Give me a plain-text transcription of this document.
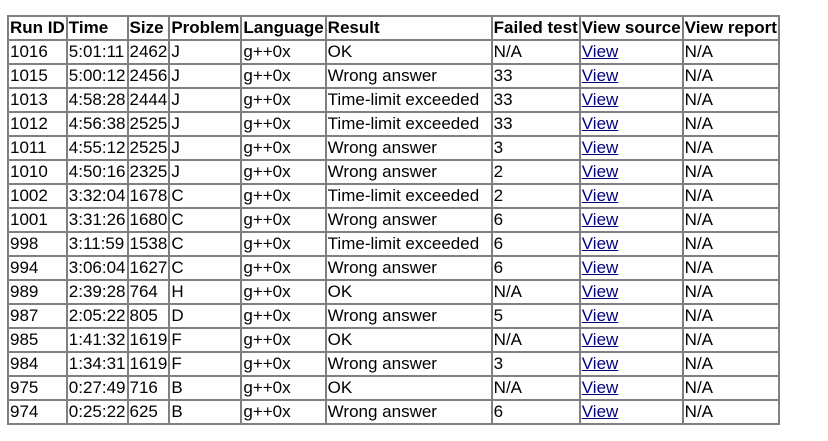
Run ID	Time	Size	Problem	Language	Result	Failed test	View source	View report
1016	5:01:11	2462	J	g++0x	OK	N/A	View	N/A
1015	5:00:12	2456	J	g++0x	Wrong answer	33	View	N/A
1013	4:58:28	2444	J	g++0x	Time-limit exceeded	33	View	N/A
1012	4:56:38	2525	J	g++0x	Time-limit exceeded	33	View	N/A
1011	4:55:12	2525	J	g++0x	Wrong answer	3	View	N/A
1010	4:50:16	2325	J	g++0x	Wrong answer	2	View	N/A
1002	3:32:04	1678	C	g++0x	Time-limit exceeded	2	View	N/A
1001	3:31:26	1680	C	g++0x	Wrong answer	6	View	N/A
998	3:11:59	1538	C	g++0x	Time-limit exceeded	6	View	N/A
994	3:06:04	1627	C	g++0x	Wrong answer	6	View	N/A
989	2:39:28	764	H	g++0x	OK	N/A	View	N/A
987	2:05:22	805	D	g++0x	Wrong answer	5	View	N/A
985	1:41:32	1619	F	g++0x	OK	N/A	View	N/A
984	1:34:31	1619	F	g++0x	Wrong answer	3	View	N/A
975	0:27:49	716	B	g++0x	OK	N/A	View	N/A
974	0:25:22	625	B	g++0x	Wrong answer	6	View	N/A
